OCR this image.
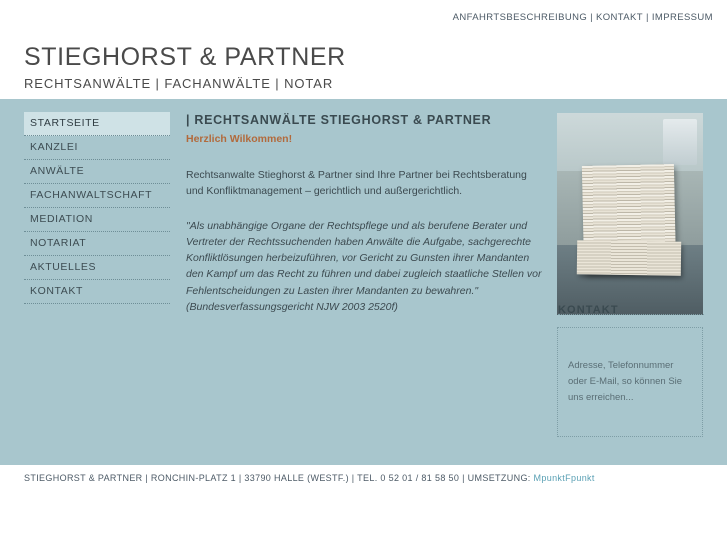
ANFAHRTSBESCHREIBUNG | KONTAKT | IMPRESSUM
STIEGHORST & PARTNER
RECHTSANWÄLTE | FACHANWÄLTE | NOTAR
STARTSEITE
KANZLEI
ANWÄLTE
FACHANWALTSCHAFT
MEDIATION
NOTARIAT
AKTUELLES
KONTAKT
| RECHTSANWÄLTE STIEGHORST & PARTNER

Herzlich Wilkommen!

Rechtsanwalte Stieghorst & Partner sind Ihre Partner bei Rechtsberatung und Konfliktmanagement – gerichtlich und außergerichtlich.

"Als unabhängige Organe der Rechtspflege und als berufene Berater und Vertreter der Rechtssuchenden haben Anwälte die Aufgabe, sachgerechte Konfliktlösungen herbeizuführen, vor Gericht zu Gunsten ihrer Mandanten den Kampf um das Recht zu führen und dabei zugleich staatliche Stellen vor Fehlentscheidungen zu Lasten ihrer Mandanten zu bewahren." (Bundesverfassungsgericht NJW 2003 2520f)	KONTAKT

Adresse, Telefonnummer oder E-Mail, so können Sie uns erreichen...

STIEGHORST & PARTNER | RONCHIN-PLATZ 1 | 33790 HALLE (WESTF.) | TEL. 0 52 01 / 81 58 50 | UMSETZUNG: MpunktFpunkt
